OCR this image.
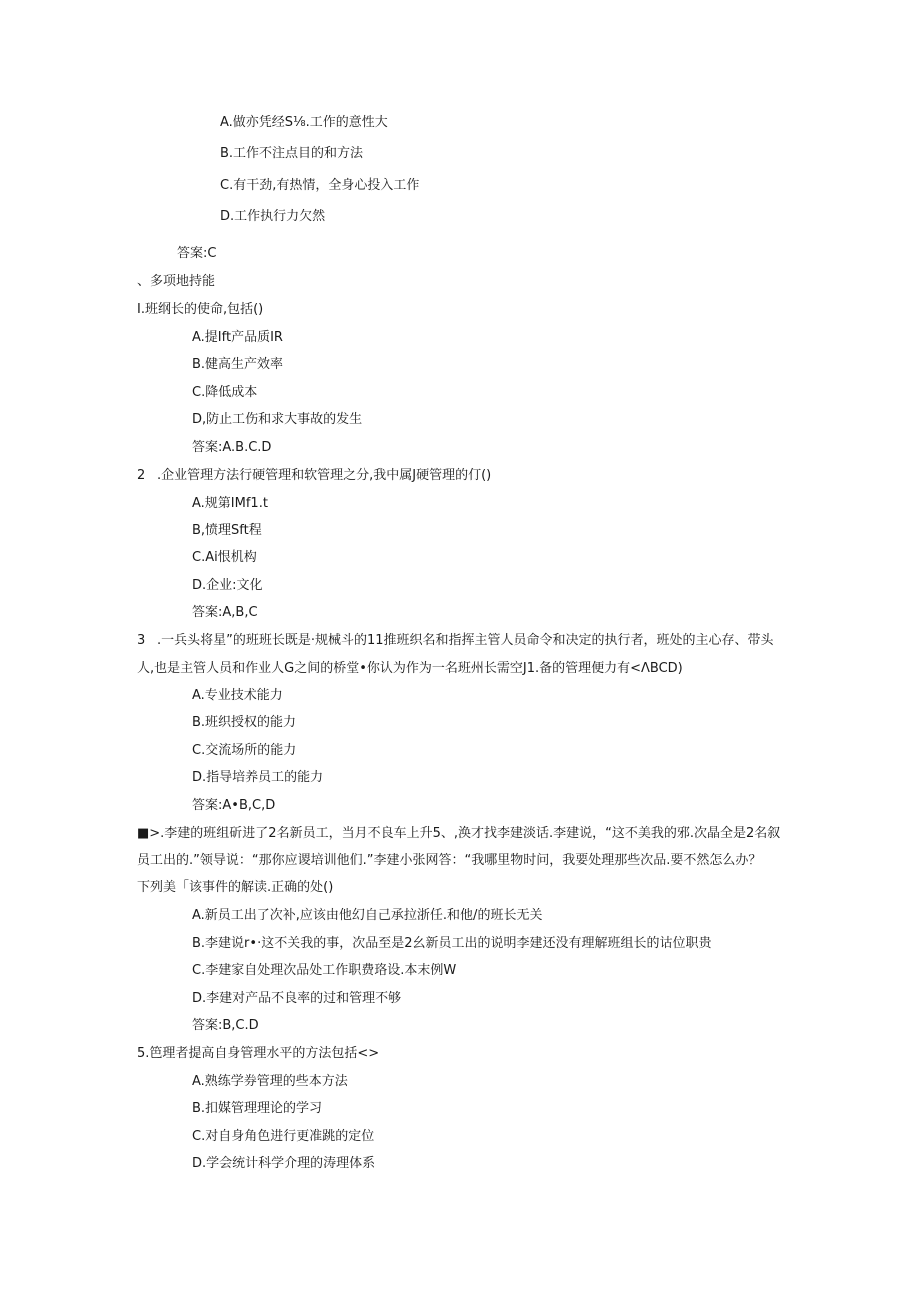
A.做亦凭经S⅛.工作的意性大
B.工作不注点目的和方法
C.有干劲,有热情，全身心投入工作
D.工作执行力欠然
答案:C
、多项地持能
I.班纲长的使命,包括()
A.提Ift产品质IR
B.健高生产效率
C.降低成本
D,防止工伤和求大事故的发生
答案:A.B.C.D
2 .企业管理方法行硬管理和软管理之分,我中属J硬管理的仃()
A.规第IMf1.t
B,愤理Sft程
C.Ai恨机构
D.企业:文化
答案:A,B,C
3 .一兵头将星”的班班长既是·规械斗的11推班织名和指挥主管人员命令和决定的执行者，班处的主心存、带头
人,也是主管人员和作业人G之间的桥堂•你认为作为一名班州长需空J1.备的管理便力有<ΛBCD)
A.专业技术能力
B.班织授权的能力
C.交流场所的能力
D.指导培养员工的能力
答案:A•B,C,D
■>.李建的班组斫进了2名新员工，当月不良车上升5、,涣才找李建淡话.李建说，“这不美我的邪.次晶全是2名叙
员工出的.”领导说：“那你应谡培训他们.”李建小张网答：“我哪里物时问，我要处理那些次品.要不然怎么办？
下列美「该事件的解读.正确的处()
A.新员工出了次补,应该由他幻自己承拉浙任.和他/的班长无关
B.李建说r•·这不关我的事，次品至是2幺新员工出的说明李建还没有理解班组长的诂位职贵
C.李建家自处理次品处工作职费珞设.本末例W
D.李建对产品不良率的过和管理不够
答案:B,C.D
5.笆理者提高自身管理水平的方法包括<>
A.熟练学券管理的些本方法
B.扣媒管理理论的学习
C.对自身角色进行更准跳的定位
D.学会统计科学介理的涛理体系
